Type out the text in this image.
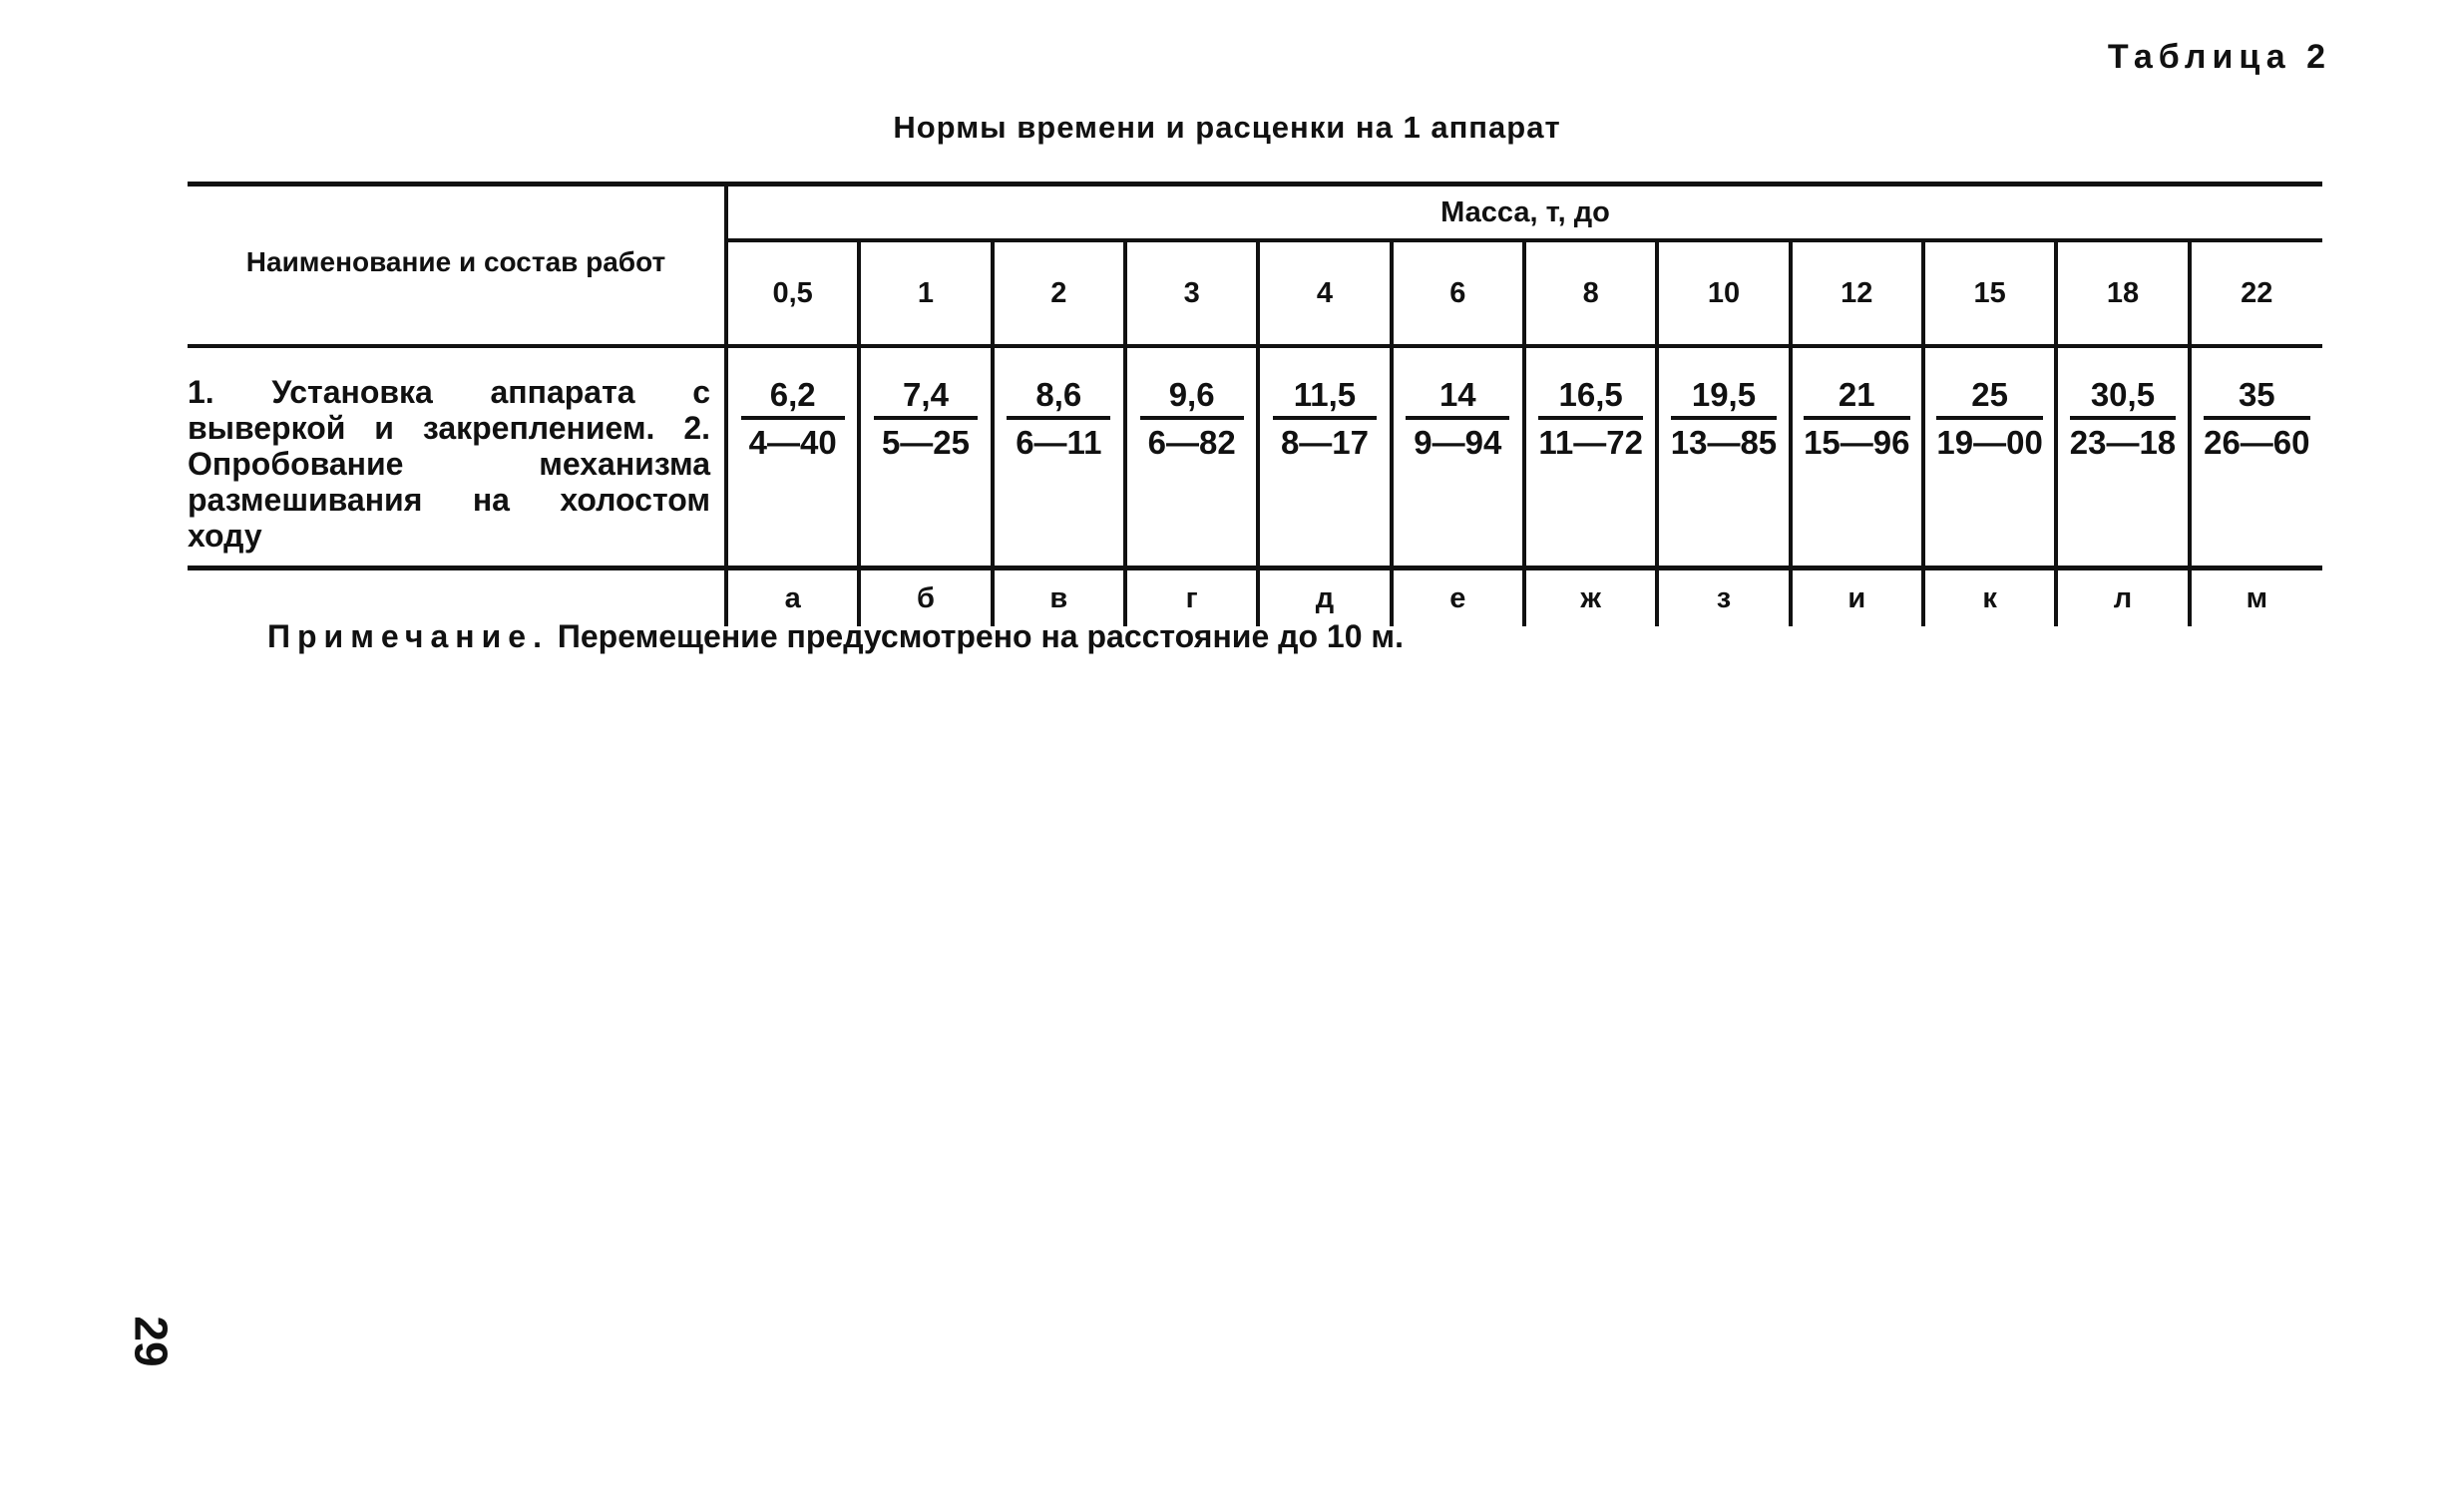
Таблица 2
Нормы времени и расценки на 1 аппарат
Наименование и состав работ	Масса, т, до											
	0,5	1	2	3	4	6	8	10	12	15	18	22
1. Установка аппарата с выверкой и закреплением. 2. Опробование механизма размешивания на холостом ходу	$\frac{6,2}{4—40}$	$\frac{7,4}{5—25}$	$\frac{8,6}{6—11}$	$\frac{9,6}{6—82}$	$\frac{11,5}{8—17}$	$\frac{14}{9—94}$	$\frac{16,5}{11—72}$	$\frac{19,5}{13—85}$	$\frac{21}{15—96}$	$\frac{25}{19—00}$	$\frac{30,5}{23—18}$	$\frac{35}{26—60}$

	а	б	в	г	д	е	ж	з	и	к	л	м
Примечание. Перемещение предусмотрено на расстояние до 10 м.
29
